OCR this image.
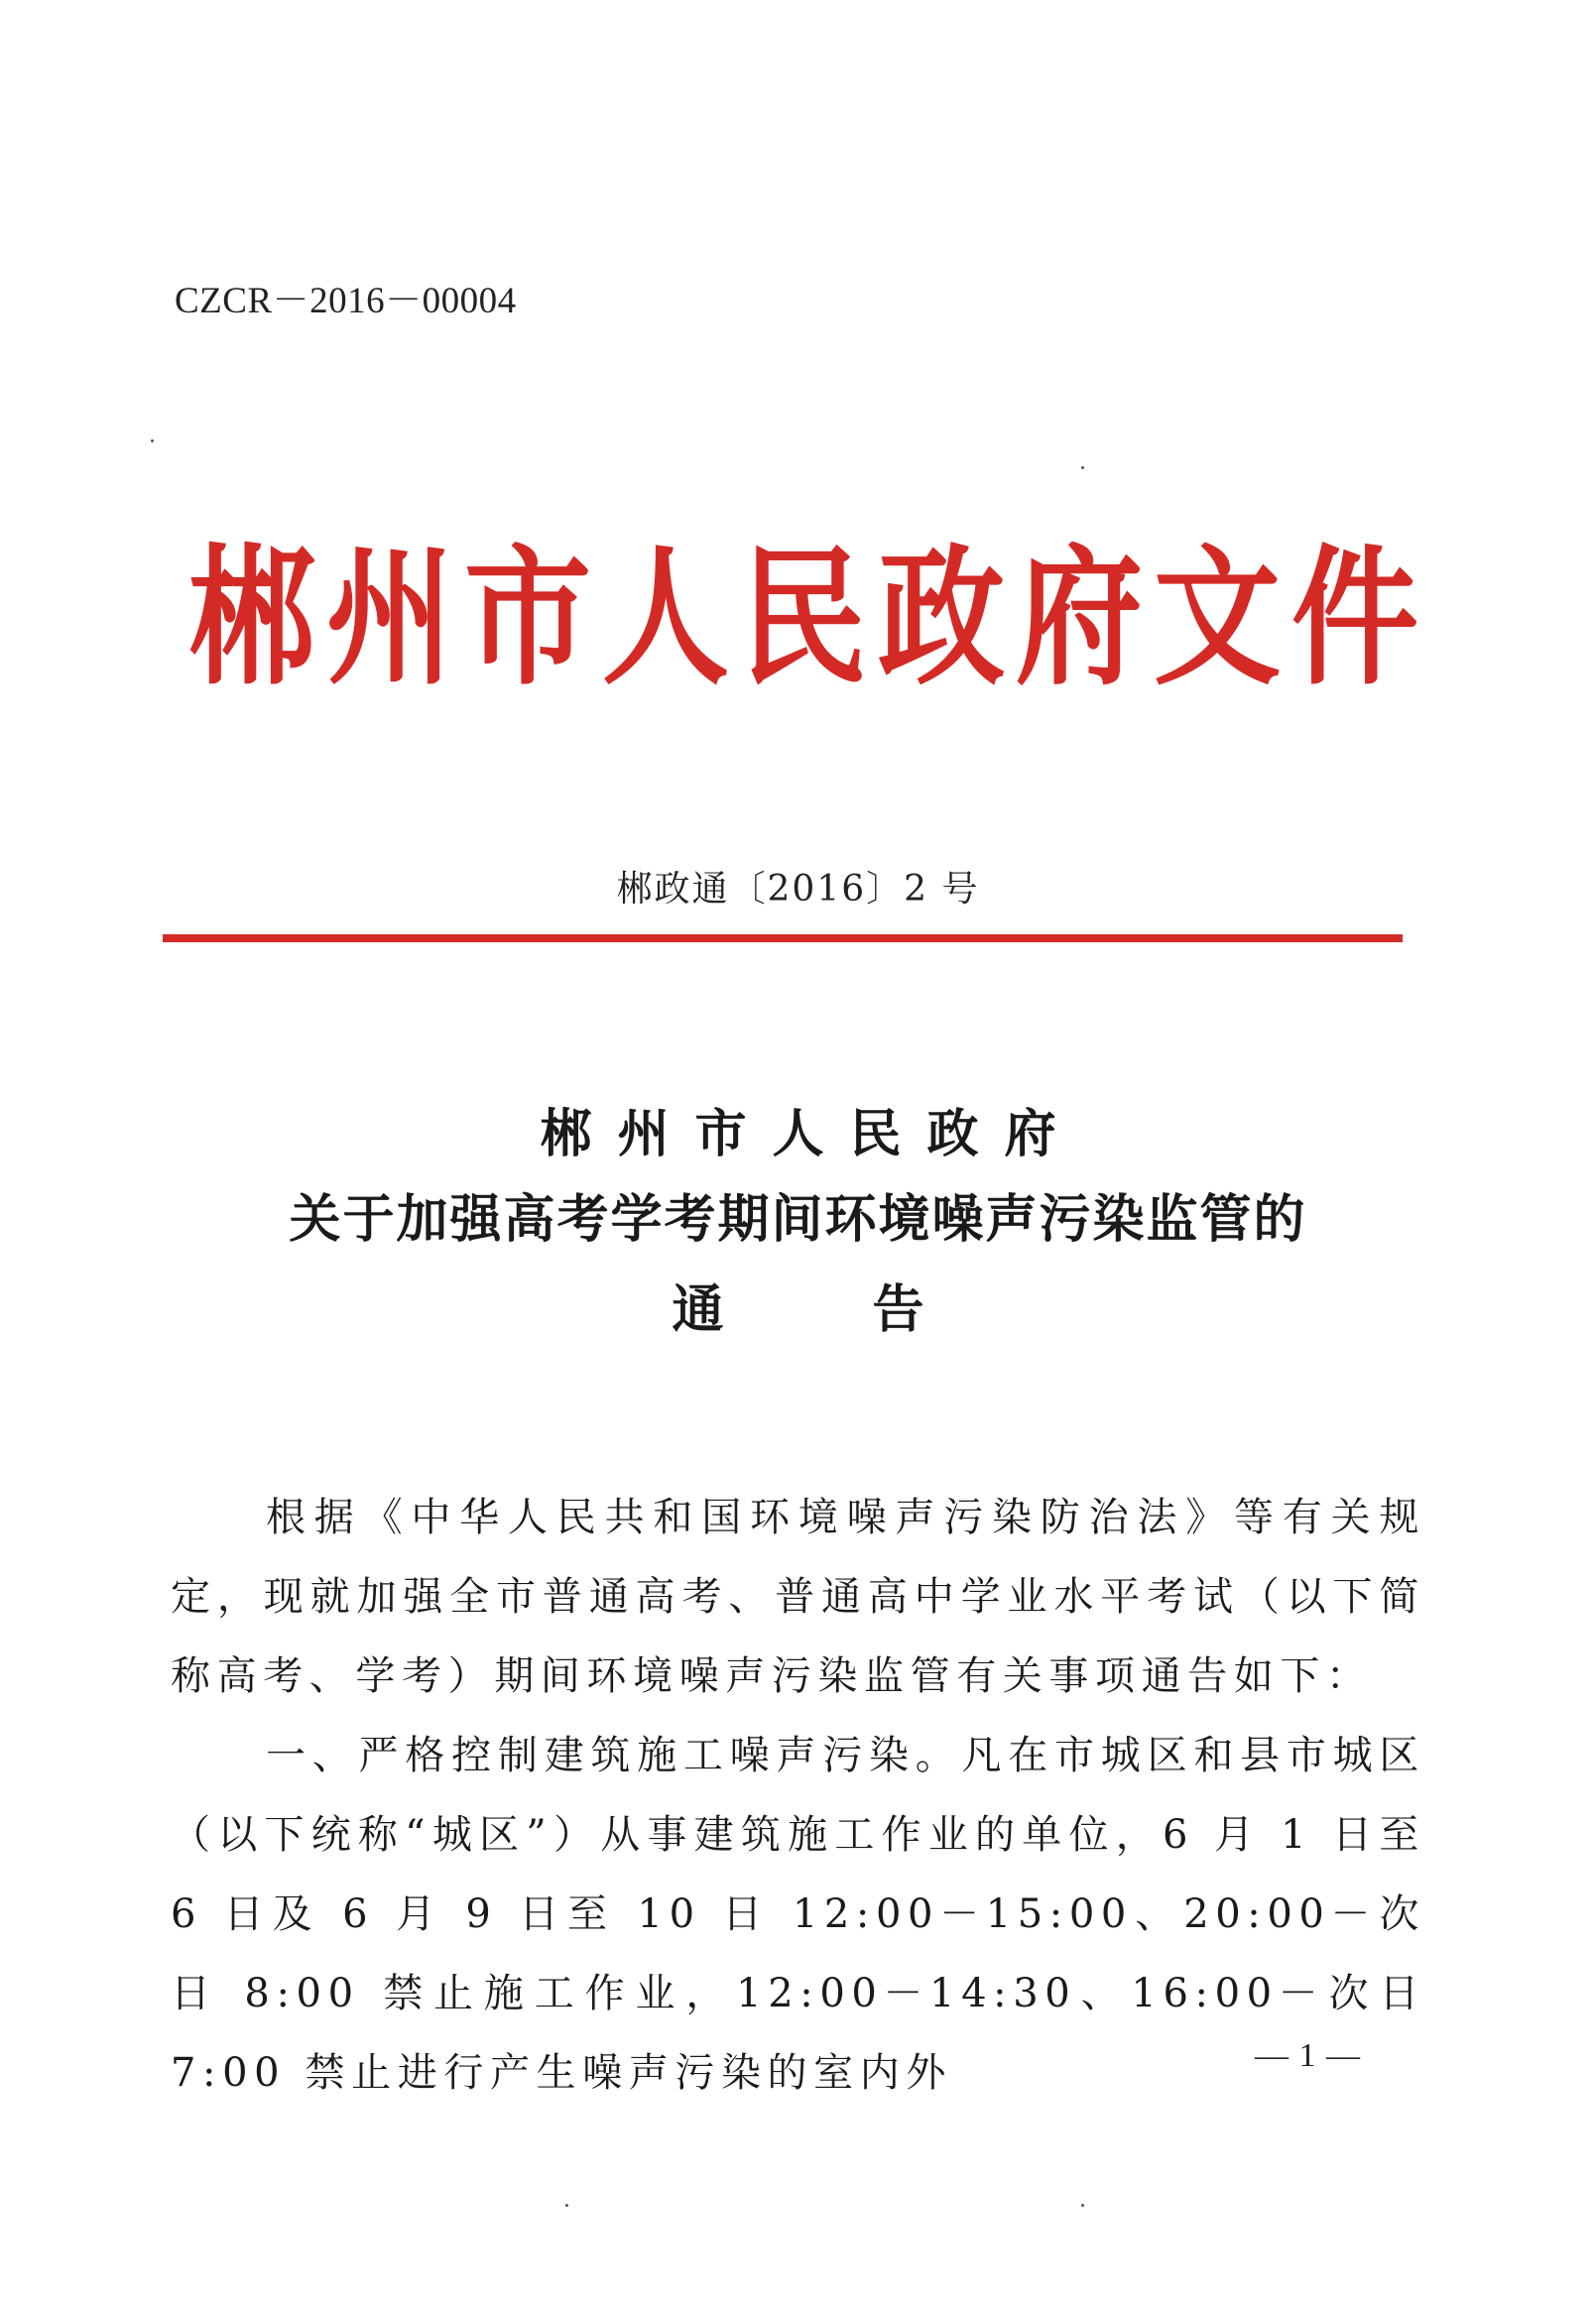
CZCR－2016－00004
郴州市人民政府文件
郴政通〔2016〕2 号
郴州市人民政府
关于加强高考学考期间环境噪声污染监管的
通告

根据《中华人民共和国环境噪声污染防治法》等有关规定，现就加强全市普通高考、普通高中学业水平考试（以下简称高考、学考）期间环境噪声污染监管有关事项通告如下：

一、严格控制建筑施工噪声污染。凡在市城区和县市城区（以下统称“城区”）从事建筑施工作业的单位，6 月 1 日至 6 日及 6 月 9 日至 10 日 12:00－15:00、20:00－次日 8:00 禁止施工作业，12:00－14:30、16:00－次日 7:00 禁止进行产生噪声污染的室内外	— 1 —
